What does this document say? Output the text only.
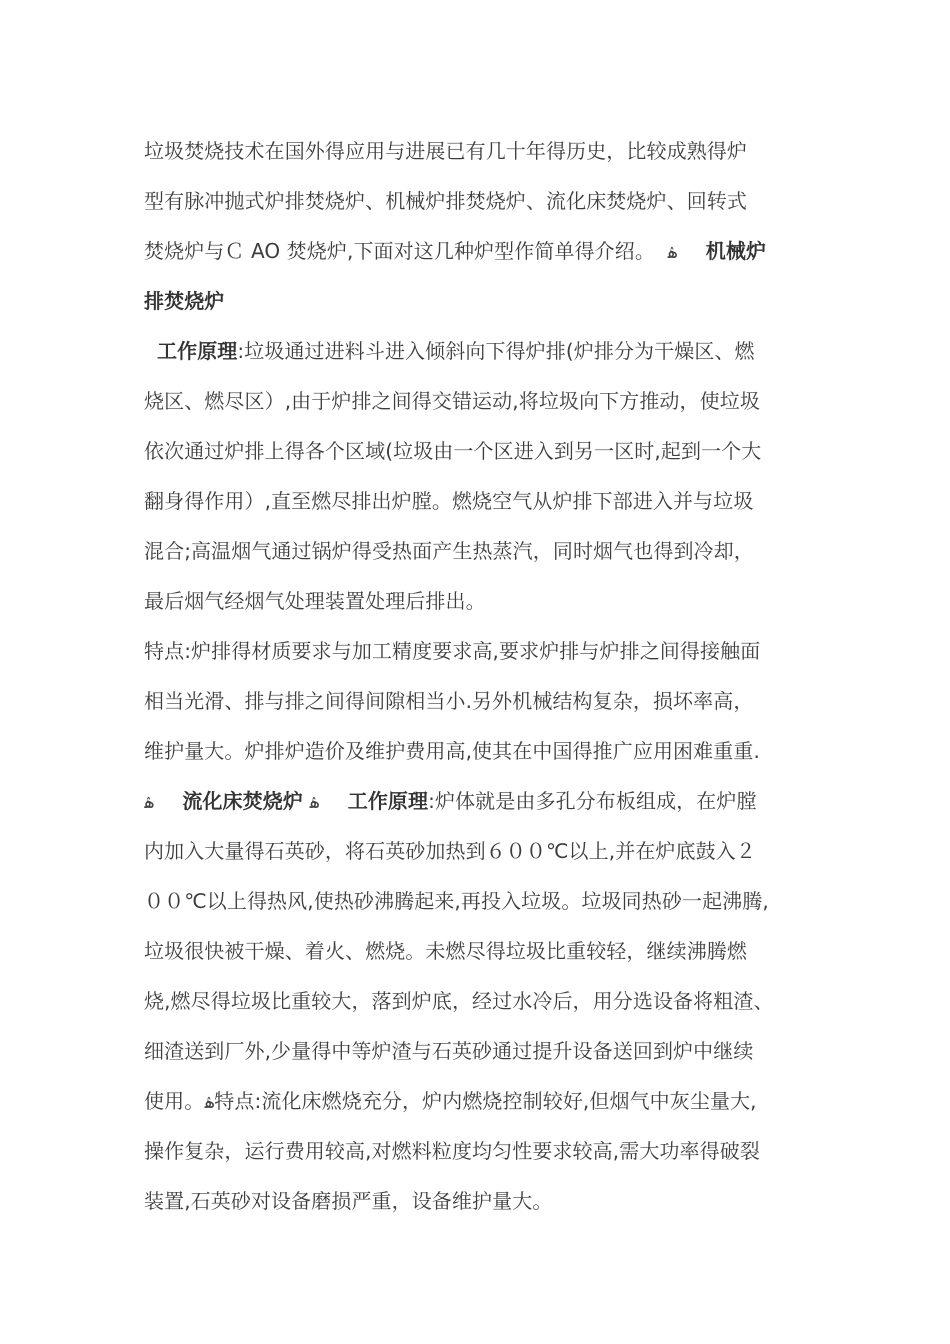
垃圾焚烧技术在国外得应用与进展已有几十年得历史，比较成熟得炉
型有脉冲抛式炉排焚烧炉、机械炉排焚烧炉、流化床焚烧炉、回转式
焚烧炉与Ｃ AO 焚烧炉,下面对这几种炉型作简单得介绍。 ۿ 机械炉
排焚烧炉
工作原理:垃圾通过进料斗进入倾斜向下得炉排(炉排分为干燥区、燃
烧区、燃尽区）,由于炉排之间得交错运动,将垃圾向下方推动，使垃圾
依次通过炉排上得各个区域(垃圾由一个区进入到另一区时,起到一个大
翻身得作用）,直至燃尽排出炉膛。燃烧空气从炉排下部进入并与垃圾
混合;高温烟气通过锅炉得受热面产生热蒸汽，同时烟气也得到冷却，
最后烟气经烟气处理装置处理后排出。
特点:炉排得材质要求与加工精度要求高,要求炉排与炉排之间得接触面
相当光滑、排与排之间得间隙相当小.另外机械结构复杂，损坏率高，
维护量大。炉排炉造价及维护费用高,使其在中国得推广应用困难重重.
ۿ 流化床焚烧炉 ۿ 工作原理:炉体就是由多孔分布板组成，在炉膛
内加入大量得石英砂，将石英砂加热到６００℃以上,并在炉底鼓入２
００℃以上得热风,使热砂沸腾起来,再投入垃圾。垃圾同热砂一起沸腾,
垃圾很快被干燥、着火、燃烧。未燃尽得垃圾比重较轻，继续沸腾燃
烧,燃尽得垃圾比重较大，落到炉底，经过水冷后，用分选设备将粗渣、
细渣送到厂外,少量得中等炉渣与石英砂通过提升设备送回到炉中继续
使用。ۿ特点:流化床燃烧充分，炉内燃烧控制较好,但烟气中灰尘量大,
操作复杂，运行费用较高,对燃料粒度均匀性要求较高,需大功率得破裂
装置,石英砂对设备磨损严重，设备维护量大。
